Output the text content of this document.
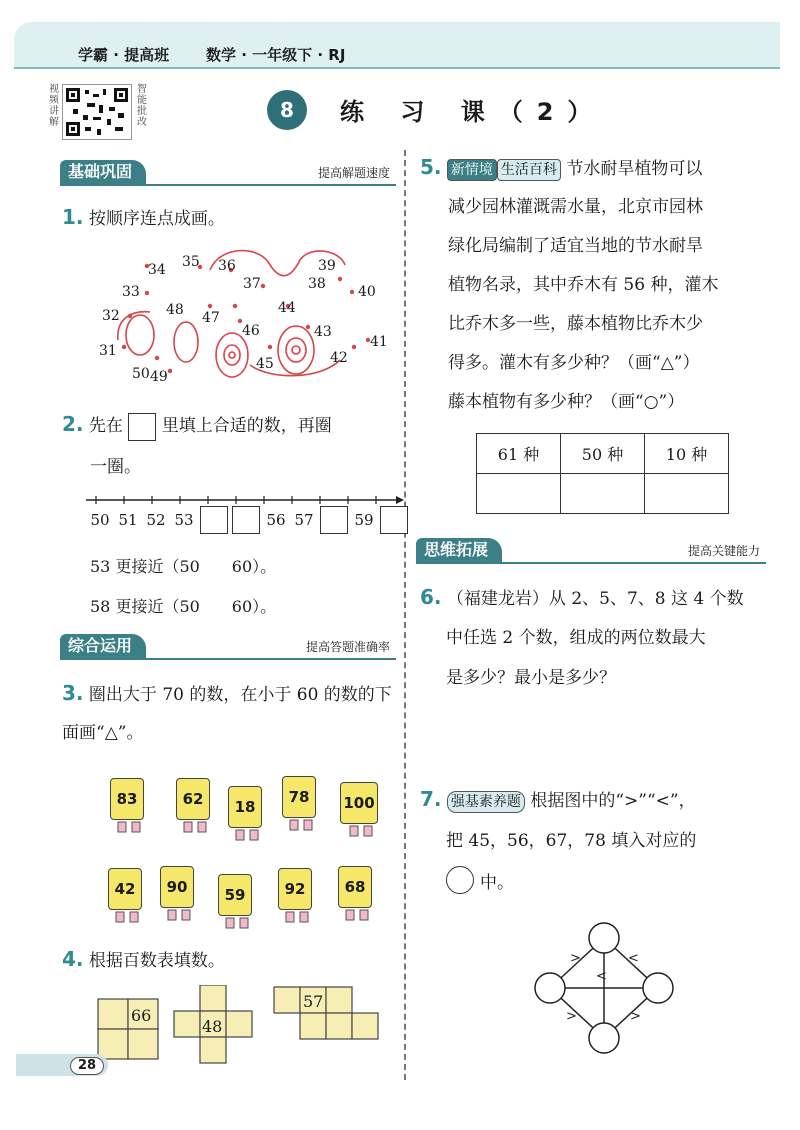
学霸 · 提高班 数学 · 一年级下 · RJ
视频讲解
智能批改
8	练 习 课（2）
基础巩固	提高解题速度
1. 按顺序连点成画。
34 35 36
37	38
39
40
33
48 47
44
32
46	43
31
45	42
41
50 49
2. 先在 里填上合适的数，再圈
一圈。
50 51 52 53	56 57	59
53 更接近（50　　60）。
58 更接近（50　　60）。
综合运用	提高答题准确率
3. 圈出大于 70 的数，在小于 60 的数的下面画“△”。
83	62	18
78	100
42	90	59	92	68
4. 根据百数表填数。
66
48
57
5. 新情境 生活百科 节水耐旱植物可以
减少园林灌溉需水量，北京市园林
绿化局编制了适宜当地的节水耐旱
植物名录，其中乔木有 56 种，灌木
比乔木多一些，藤本植物比乔木少
得多。灌木有多少种？（画“△”）
藤本植物有多少种？（画“○”）
61 种	50 种	10 种

思维拓展	提高关键能力
6. （福建龙岩）从 2、5、7、8 这 4 个数
中任选 2 个数，组成的两位数最大
是多少？最小是多少？
7. 强基素养题 根据图中的“>”“<”，
把 45，56，67，78 填入对应的
中。
>	<
<
>	>
28
